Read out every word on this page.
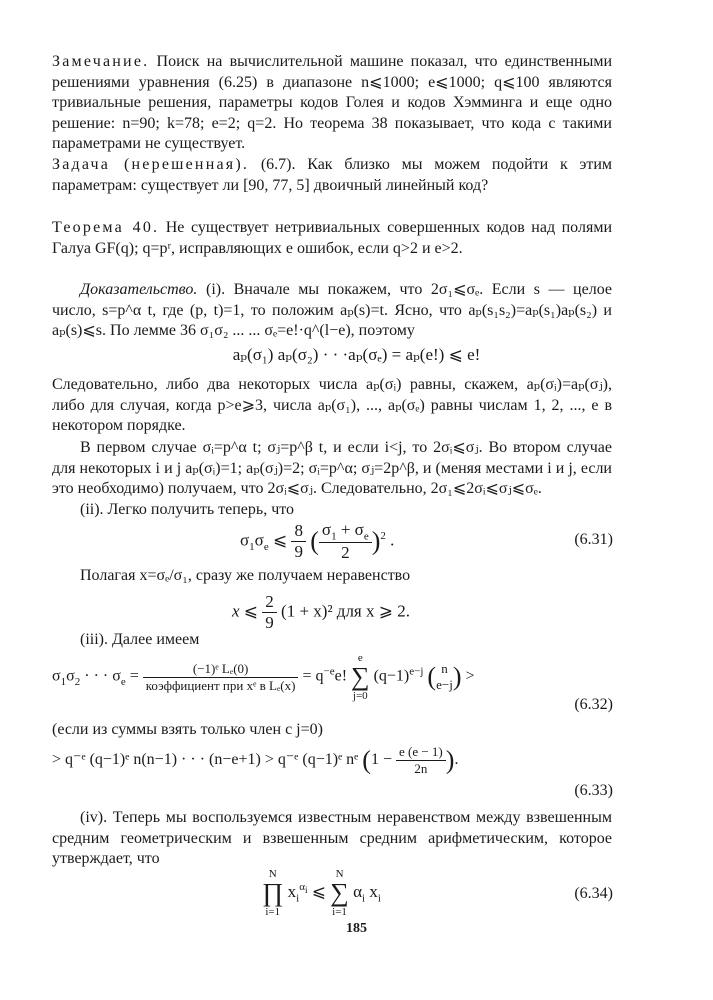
Замечание. Поиск на вычислительной машине показал, что единственными решениями уравнения (6.25) в диапазоне n⩽1000; e⩽1000; q⩽100 являются тривиальные решения, параметры кодов Голея и кодов Хэмминга и еще одно решение: n=90; k=78; e=2; q=2. Но теорема 38 показывает, что кода с такими параметрами не существует.

Задача (нерешенная). (6.7). Как близко мы можем подойти к этим параметрам: существует ли [90, 77, 5] двоичный линейный код?

Теорема 40. Не существует нетривиальных совершенных кодов над полями Галуа GF(q); q=pʳ, исправляющих e ошибок, если q>2 и e>2.

Доказательство. (i). Вначале мы покажем, что 2σ₁⩽σₑ. Если s — целое число, s=p^α t, где (p, t)=1, то положим aₚ(s)=t. Ясно, что aₚ(s₁s₂)=aₚ(s₁)aₚ(s₂) и aₚ(s)⩽s. По лемме 36 σ₁σ₂ ... ... σₑ=e!·q^(l−e), поэтому

aₚ(σ₁) aₚ(σ₂) · · ·aₚ(σₑ) = aₚ(e!) ⩽ e!

Следовательно, либо два некоторых числа aₚ(σᵢ) равны, скажем, aₚ(σᵢ)=aₚ(σⱼ), либо для случая, когда p>e⩾3, числа aₚ(σ₁), ..., aₚ(σₑ) равны числам 1, 2, ..., e в некотором порядке.

В первом случае σᵢ=p^α t; σⱼ=p^β t, и если i<j, то 2σᵢ⩽σⱼ. Во втором случае для некоторых i и j aₚ(σᵢ)=1; aₚ(σⱼ)=2; σᵢ=p^α; σⱼ=2p^β, и (меняя местами i и j, если это необходимо) получаем, что 2σᵢ⩽σⱼ. Следовательно, 2σ₁⩽2σᵢ⩽σⱼ⩽σₑ.

(ii). Легко получить теперь, что

$\sigma_1\sigma_e$ ⩽ $\frac{8}{9}$ ( $\frac{\sigma_1 + \sigma_e}{2} )^2$ .	(6.31)

Полагая x=σₑ/σ₁, сразу же получаем неравенство

x ⩽ $\frac{2}{9} (1 + x)^2$ для x ⩾ 2.

(iii). Далее имеем

$\sigma_1\sigma_2$ · · · $\sigma_e$ =	(−1)ᵉ Lₑ(0)
коэффициент при xᵉ в Lₑ(x)
= $q^{-e}e$! e
∑
j=0 $(q-1)^{e-j}$ ( n
e−j ) >
(6.32)

(если из суммы взять только член с j=0)

> q⁻ᵉ (q−1)ᵉ n(n−1) · · · (n−e+1) > q⁻ᵉ (q−1)ᵉ nᵉ ($1 - \frac{e (e - 1)}{2n}$ ).
(6.33)

(iv). Теперь мы воспользуемся известным неравенством между взвешенным средним геометрическим и взвешенным средним арифметическим, которое утверждает, что

N
∏
i=1 $x_i^{\alpha_i}$ ⩽ N
∑
i=1 $\alpha_i$ $x_i$	(6.34)
185
